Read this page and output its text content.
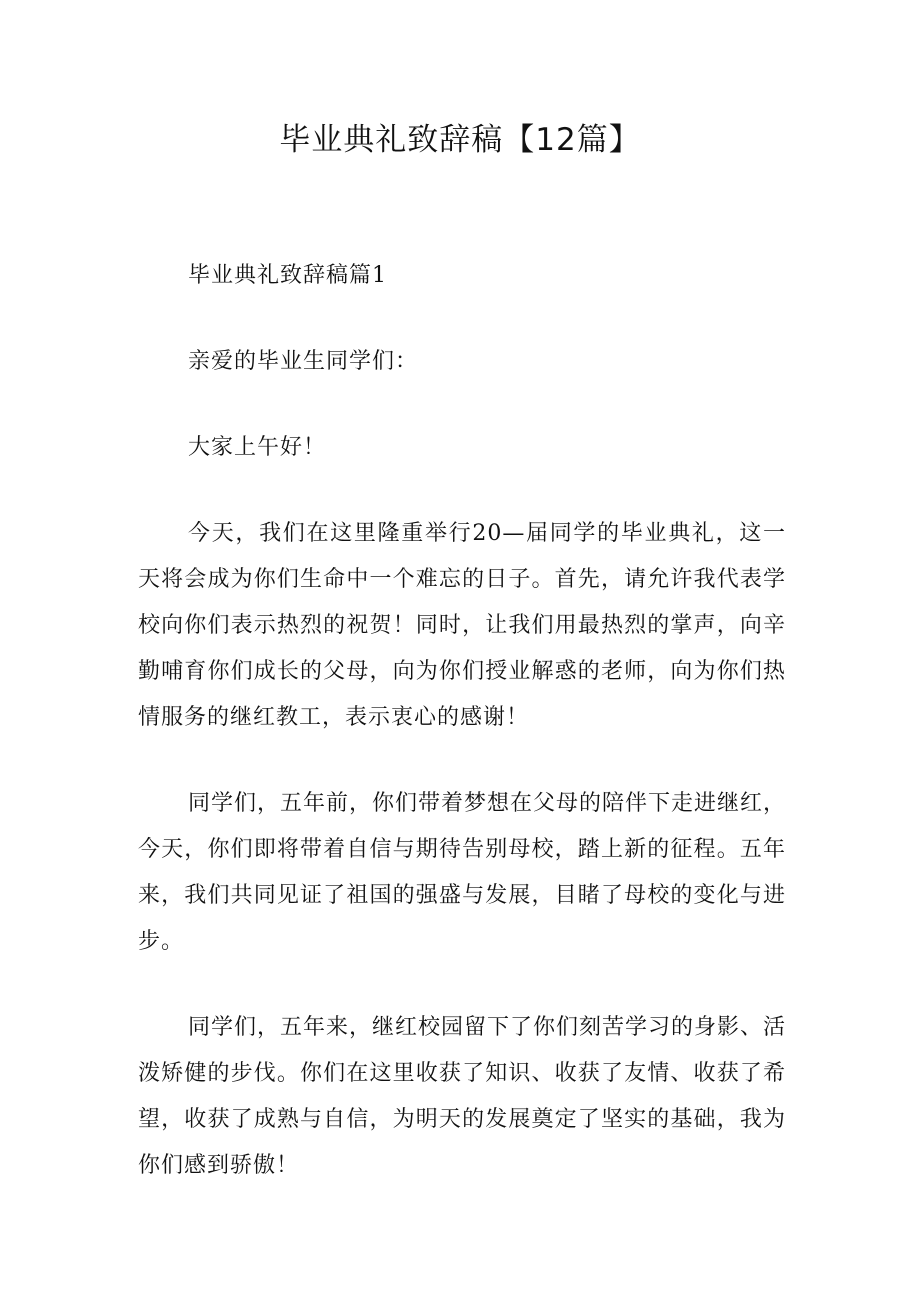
毕业典礼致辞稿【12篇】

毕业典礼致辞稿篇1

亲爱的毕业生同学们：

大家上午好！

今天，我们在这里隆重举行20—届同学的毕业典礼，这一天将会成为你们生命中一个难忘的日子。首先，请允许我代表学校向你们表示热烈的祝贺！同时，让我们用最热烈的掌声，向辛勤哺育你们成长的父母，向为你们授业解惑的老师，向为你们热情服务的继红教工，表示衷心的感谢！

同学们，五年前，你们带着梦想在父母的陪伴下走进继红，今天，你们即将带着自信与期待告别母校，踏上新的征程。五年来，我们共同见证了祖国的强盛与发展，目睹了母校的变化与进步。

同学们，五年来，继红校园留下了你们刻苦学习的身影、活泼矫健的步伐。你们在这里收获了知识、收获了友情、收获了希望，收获了成熟与自信，为明天的发展奠定了坚实的基础，我为你们感到骄傲！
